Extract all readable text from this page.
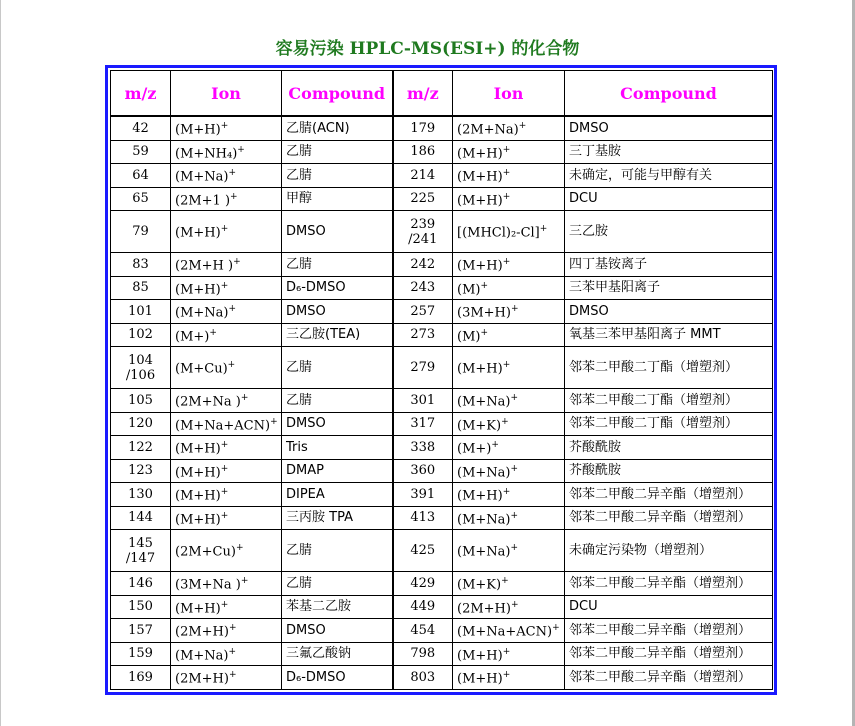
容易污染 HPLC-MS(ESI+) 的化合物
m/z	Ion	Compound	m/z	Ion	Compound
42	(M+H)+	乙腈(ACN)	179	(2M+Na)+	DMSO
59	(M+NH₄)+	乙腈	186	(M+H)+	三丁基胺
64	(M+Na)+	乙腈	214	(M+H)+	未确定，可能与甲醇有关
65	(2M+1 )+	甲醇	225	(M+H)+	DCU
79	(M+H)+	DMSO	239 /241	[(MHCl)₂-Cl]+	三乙胺
83	(2M+H )+	乙腈	242	(M+H)+	四丁基铵离子
85	(M+H)+	D₆-DMSO	243	(M)+	三苯甲基阳离子
101	(M+Na)+	DMSO	257	(3M+H)+	DMSO
102	(M+)+	三乙胺(TEA)	273	(M)+	氧基三苯甲基阳离子 MMT
104 /106	(M+Cu)+	乙腈	279	(M+H)+	邻苯二甲酸二丁酯（增塑剂）
105	(2M+Na )+	乙腈	301	(M+Na)+	邻苯二甲酸二丁酯（增塑剂）
120	(M+Na+ACN)+	DMSO	317	(M+K)+	邻苯二甲酸二丁酯（增塑剂）
122	(M+H)+	Tris	338	(M+)+	芥酸酰胺
123	(M+H)+	DMAP	360	(M+Na)+	芥酸酰胺
130	(M+H)+	DIPEA	391	(M+H)+	邻苯二甲酸二异辛酯（增塑剂）
144	(M+H)+	三丙胺 TPA	413	(M+Na)+	邻苯二甲酸二异辛酯（增塑剂）
145 /147	(2M+Cu)+	乙腈	425	(M+Na)+	未确定污染物（增塑剂）
146	(3M+Na )+	乙腈	429	(M+K)+	邻苯二甲酸二异辛酯（增塑剂）
150	(M+H)+	苯基二乙胺	449	(2M+H)+	DCU
157	(2M+H)+	DMSO	454	(M+Na+ACN)+	邻苯二甲酸二异辛酯（增塑剂）
159	(M+Na)+	三氟乙酸钠	798	(M+H)+	邻苯二甲酸二异辛酯（增塑剂）
169	(2M+H)+	D₆-DMSO	803	(M+H)+	邻苯二甲酸二异辛酯（增塑剂）
